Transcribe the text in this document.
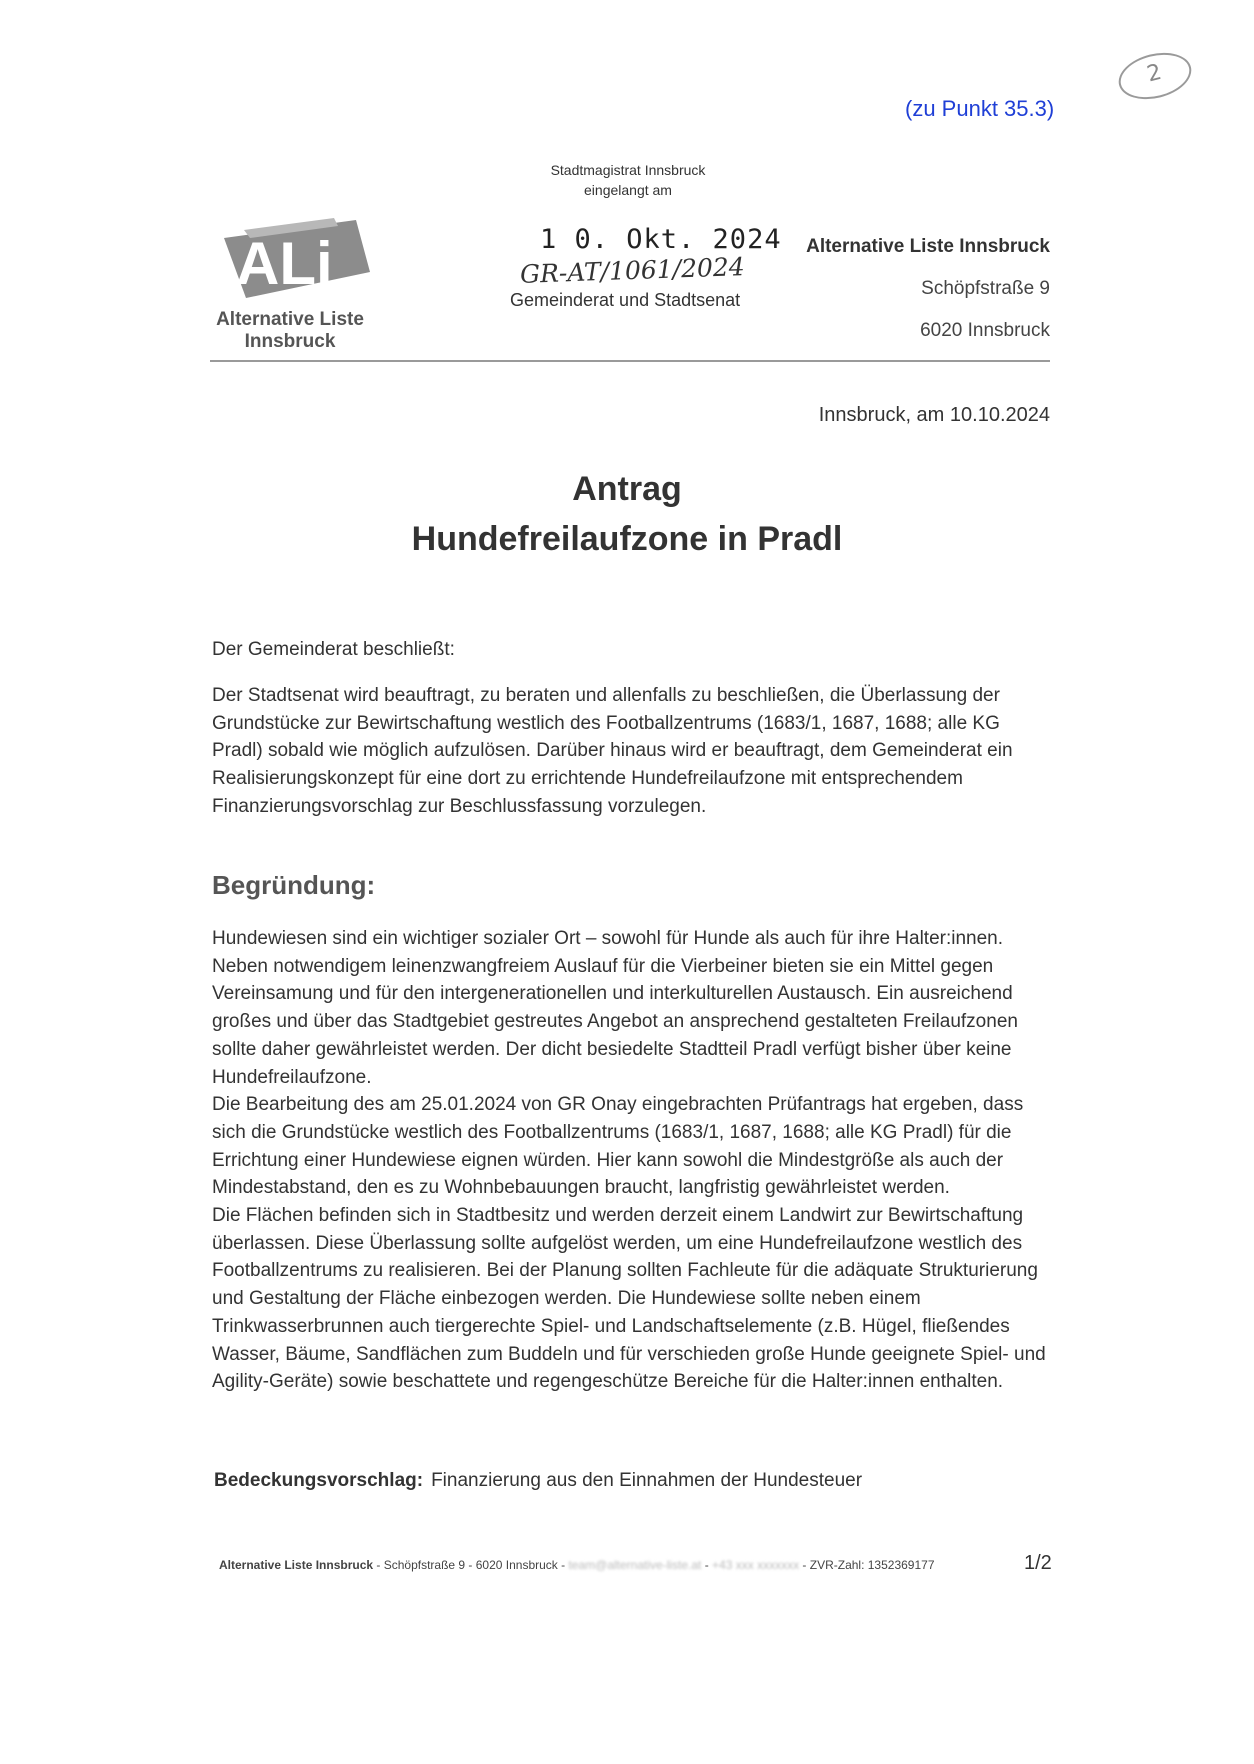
(zu Punkt 35.3)
2
Stadtmagistrat Innsbruck
eingelangt am
1 0. Okt. 2024
GR-AT/1061/2024
Gemeinderat und Stadtsenat
ALi
Alternative Liste
Innsbruck
Alternative Liste Innsbruck
Schöpfstraße 9
6020 Innsbruck
Innsbruck, am 10.10.2024
Antrag
Hundefreilaufzone in Pradl
Der Gemeinderat beschließt:
Der Stadtsenat wird beauftragt, zu beraten und allenfalls zu beschließen, die Überlassung der Grundstücke zur Bewirtschaftung westlich des Footballzentrums (1683/1, 1687, 1688; alle KG Pradl) sobald wie möglich aufzulösen. Darüber hinaus wird er beauftragt, dem Gemeinderat ein Realisierungskonzept für eine dort zu errichtende Hundefreilaufzone mit entsprechendem Finanzierungsvorschlag zur Beschlussfassung vorzulegen.
Begründung:

Hundewiesen sind ein wichtiger sozialer Ort – sowohl für Hunde als auch für ihre Halter:innen. Neben notwendigem leinenzwangfreiem Auslauf für die Vierbeiner bieten sie ein Mittel gegen Vereinsamung und für den intergenerationellen und interkulturellen Austausch. Ein ausreichend großes und über das Stadtgebiet gestreutes Angebot an ansprechend gestalteten Freilaufzonen sollte daher gewährleistet werden. Der dicht besiedelte Stadtteil Pradl verfügt bisher über keine Hundefreilaufzone.

Die Bearbeitung des am 25.01.2024 von GR Onay eingebrachten Prüfantrags hat ergeben, dass sich die Grundstücke westlich des Footballzentrums (1683/1, 1687, 1688; alle KG Pradl) für die Errichtung einer Hundewiese eignen würden. Hier kann sowohl die Mindestgröße als auch der Mindestabstand, den es zu Wohnbebauungen braucht, langfristig gewährleistet werden.

Die Flächen befinden sich in Stadtbesitz und werden derzeit einem Landwirt zur Bewirtschaftung überlassen. Diese Überlassung sollte aufgelöst werden, um eine Hundefreilaufzone westlich des Footballzentrums zu realisieren. Bei der Planung sollten Fachleute für die adäquate Strukturierung und Gestaltung der Fläche einbezogen werden. Die Hundewiese sollte neben einem Trinkwasserbrunnen auch tiergerechte Spiel- und Landschaftselemente (z.B. Hügel, fließendes Wasser, Bäume, Sandflächen zum Buddeln und für verschieden große Hunde geeignete Spiel- und Agility-Geräte) sowie beschattete und regengeschütze Bereiche für die Halter:innen enthalten.

Bedeckungsvorschlag: Finanzierung aus den Einnahmen der Hundesteuer
Alternative Liste Innsbruck - Schöpfstraße 9 - 6020 Innsbruck - team@alternative-liste.at - +43 xxx xxxxxxx - ZVR-Zahl: 1352369177	1/2
